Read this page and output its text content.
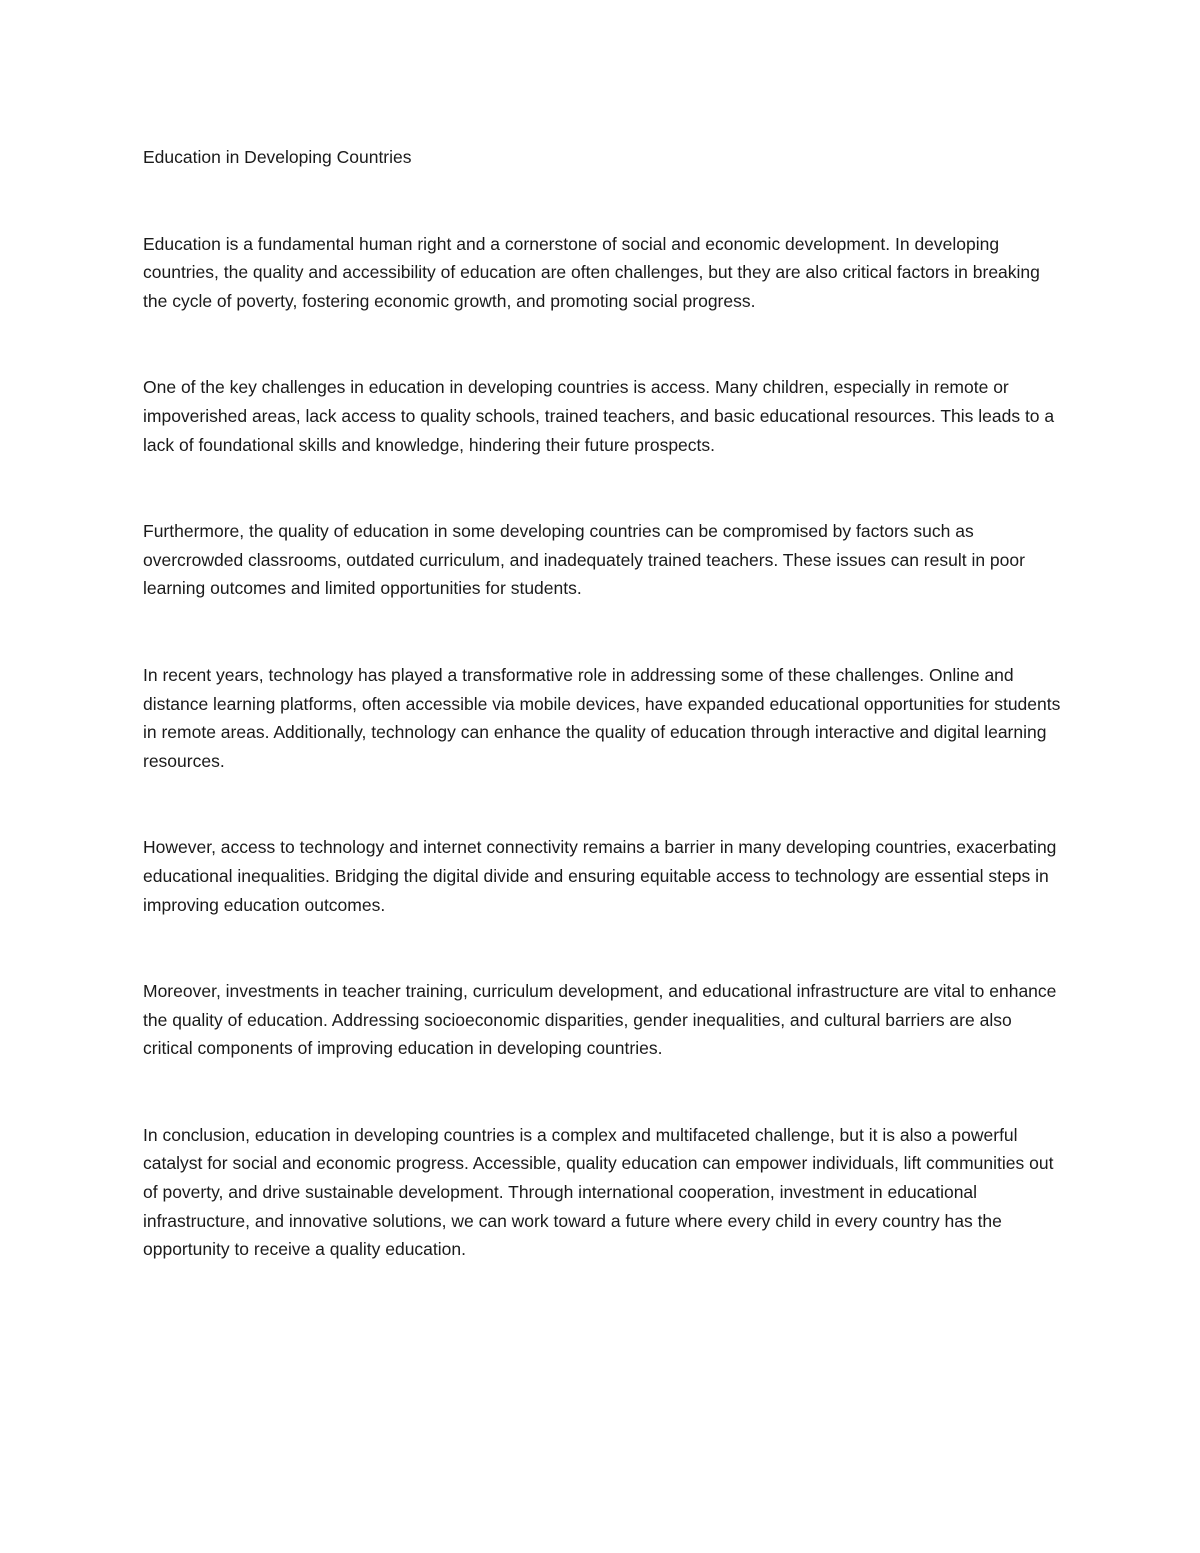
Education in Developing Countries

Education is a fundamental human right and a cornerstone of social and economic development. In developing countries, the quality and accessibility of education are often challenges, but they are also critical factors in breaking the cycle of poverty, fostering economic growth, and promoting social progress.

One of the key challenges in education in developing countries is access. Many children, especially in remote or impoverished areas, lack access to quality schools, trained teachers, and basic educational resources. This leads to a lack of foundational skills and knowledge, hindering their future prospects.

Furthermore, the quality of education in some developing countries can be compromised by factors such as overcrowded classrooms, outdated curriculum, and inadequately trained teachers. These issues can result in poor learning outcomes and limited opportunities for students.

In recent years, technology has played a transformative role in addressing some of these challenges. Online and distance learning platforms, often accessible via mobile devices, have expanded educational opportunities for students in remote areas. Additionally, technology can enhance the quality of education through interactive and digital learning resources.

However, access to technology and internet connectivity remains a barrier in many developing countries, exacerbating educational inequalities. Bridging the digital divide and ensuring equitable access to technology are essential steps in improving education outcomes.

Moreover, investments in teacher training, curriculum development, and educational infrastructure are vital to enhance the quality of education. Addressing socioeconomic disparities, gender inequalities, and cultural barriers are also critical components of improving education in developing countries.

In conclusion, education in developing countries is a complex and multifaceted challenge, but it is also a powerful catalyst for social and economic progress. Accessible, quality education can empower individuals, lift communities out of poverty, and drive sustainable development. Through international cooperation, investment in educational infrastructure, and innovative solutions, we can work toward a future where every child in every country has the opportunity to receive a quality education.
